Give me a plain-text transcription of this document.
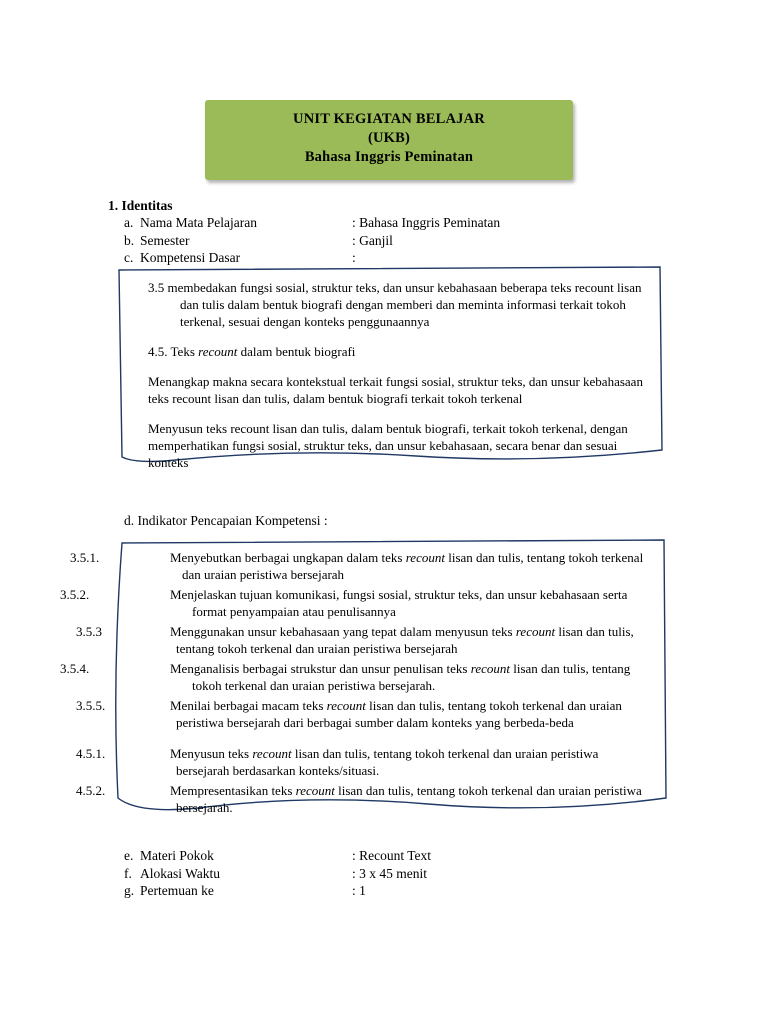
UNIT KEGIATAN BELAJAR
(UKB)
Bahasa Inggris Peminatan
1. Identitas
a. Nama Mata Pelajaran	: Bahasa Inggris Peminatan
b. Semester	: Ganjil
c. Kompetensi Dasar	:

3.5 membedakan fungsi sosial, struktur teks, dan unsur kebahasaan beberapa teks recount lisan dan tulis dalam bentuk biografi dengan memberi dan meminta informasi terkait tokoh terkenal, sesuai dengan konteks penggunaannya

4.5. Teks recount dalam bentuk biografi

Menangkap makna secara kontekstual terkait fungsi sosial, struktur teks, dan unsur kebahasaan teks recount lisan dan tulis, dalam bentuk biografi terkait tokoh terkenal

Menyusun teks recount lisan dan tulis, dalam bentuk biografi, terkait tokoh terkenal, dengan memperhatikan fungsi sosial, struktur teks, dan unsur kebahasaan, secara benar dan sesuai konteks

d. Indikator Pencapaian Kompetensi :

3.5.1.	Menyebutkan berbagai ungkapan dalam teks recount lisan dan tulis, tentang tokoh terkenal dan uraian peristiwa bersejarah

3.5.2.	Menjelaskan tujuan komunikasi, fungsi sosial, struktur teks, dan unsur kebahasaan serta format penyampaian atau penulisannya

3.5.3	Menggunakan unsur kebahasaan yang tepat dalam menyusun teks recount lisan dan tulis, tentang tokoh terkenal dan uraian peristiwa bersejarah

3.5.4.	Menganalisis berbagai strukstur dan unsur penulisan teks recount lisan dan tulis, tentang tokoh terkenal dan uraian peristiwa bersejarah.

3.5.5.	Menilai berbagai macam teks recount lisan dan tulis, tentang tokoh terkenal dan uraian peristiwa bersejarah dari berbagai sumber dalam konteks yang berbeda-beda

4.5.1.	Menyusun teks recount lisan dan tulis, tentang tokoh terkenal dan uraian peristiwa bersejarah berdasarkan konteks/situasi.

4.5.2.	Mempresentasikan teks recount lisan dan tulis, tentang tokoh terkenal dan uraian peristiwa bersejarah.

e. Materi Pokok	: Recount Text
f. Alokasi Waktu	: 3 x 45 menit
g. Pertemuan ke	: 1
